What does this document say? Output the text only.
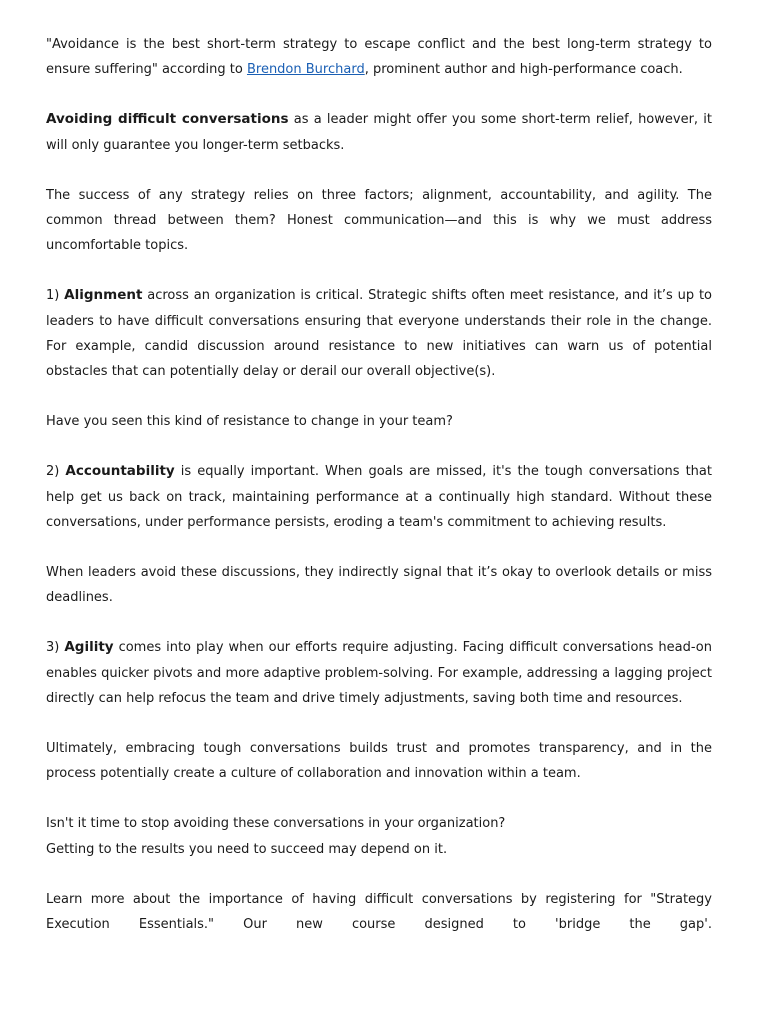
"Avoidance is the best short-term strategy to escape conflict and the best long-term strategy to ensure suffering" according to Brendon Burchard, prominent author and high-performance coach.

Avoiding difficult conversations as a leader might offer you some short-term relief, however, it will only guarantee you longer-term setbacks.

The success of any strategy relies on three factors; alignment, accountability, and agility. The common thread between them? Honest communication—and this is why we must address uncomfortable topics.

1) Alignment across an organization is critical. Strategic shifts often meet resistance, and it’s up to leaders to have difficult conversations ensuring that everyone understands their role in the change. For example, candid discussion around resistance to new initiatives can warn us of potential obstacles that can potentially delay or derail our overall objective(s).

Have you seen this kind of resistance to change in your team?

2) Accountability is equally important. When goals are missed, it's the tough conversations that help get us back on track, maintaining performance at a continually high standard. Without these conversations, under performance persists, eroding a team's commitment to achieving results.

When leaders avoid these discussions, they indirectly signal that it’s okay to overlook details or miss deadlines.

3) Agility comes into play when our efforts require adjusting. Facing difficult conversations head-on enables quicker pivots and more adaptive problem-solving. For example, addressing a lagging project directly can help refocus the team and drive timely adjustments, saving both time and resources.

Ultimately, embracing tough conversations builds trust and promotes transparency, and in the process potentially create a culture of collaboration and innovation within a team.

Isn't it time to stop avoiding these conversations in your organization?

Getting to the results you need to succeed may depend on it.

Learn more about the importance of having difficult conversations by registering for "Strategy Execution Essentials." Our new course designed to 'bridge the gap'.
